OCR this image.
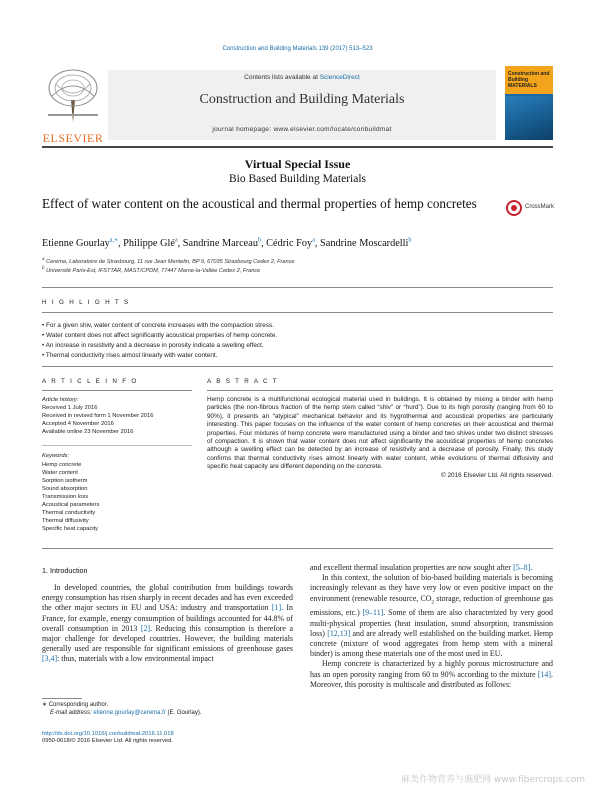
Construction and Building Materials 139 (2017) 513–523
ELSEVIER
Contents lists available at ScienceDirect
Construction and Building Materials
journal homepage: www.elsevier.com/locate/conbuildmat
Construction and Building MATERIALS
Virtual Special Issue
Bio Based Building Materials
Effect of water content on the acoustical and thermal properties of hemp concretes	CrossMark
Etienne Gourlay$^{a,∗}$, Philippe Glé$^a$, Sandrine Marceau$^b$, Cédric Foy$^a$, Sandrine Moscardelli$^b$
$^a$ Cerema, Laboratoire de Strasbourg, 11 rue Jean Mentelin, BP 9, 67035 Strasbourg Cedex 2, France
$^b$ Université Paris-Est, IFSTTAR, MAST/CPDM, 77447 Marne-la-Vallée Cedex 2, France
H I G H L I G H T S
• For a given shiv, water content of concrete increases with the compaction stress.
• Water content does not affect significantly acoustical properties of hemp concrete.
• An increase in resistivity and a decrease in porosity indicate a swelling effect.
• Thermal conductivity rises almost linearly with water content.
A R T I C L E I N F O
Article history:
Received 1 July 2016
Received in revised form 1 November 2016
Accepted 4 November 2016
Available online 23 November 2016
Keywords:
Hemp concrete
Water content
Sorption isotherm
Sound absorption
Transmission loss
Acoustical parameters
Thermal conductivity
Thermal diffusivity
Specific heat capacity
A B S T R A C T
Hemp concrete is a multifunctional ecological material used in buildings. It is obtained by mixing a binder with hemp particles (the non-fibrous fraction of the hemp stem called “shiv” or “hurd”). Due to its high porosity (ranging from 60 to 90%), it presents an “atypical” mechanical behavior and its hygrothermal and acoustical properties are particularly interesting. This paper focuses on the influence of the water content of hemp concretes on their acoustical and thermal properties. Four mixtures of hemp concrete were manufactured using a binder and two shives under two distinct stresses of compaction. It is shown that water content does not affect significantly the acoustical properties of hemp concretes although a swelling effect can be detected by an increase of resistivity and a decrease of porosity. Finally, this study confirms that thermal conductivity rises almost linearly with water content, while evolutions of thermal diffusivity and specific heat capacity are different depending on the concrete.
© 2016 Elsevier Ltd. All rights reserved.
1. Introduction

In developed countries, the global contribution from buildings towards energy consumption has risen sharply in recent decades and has even exceeded the other major sectors in EU and USA: industry and transportation [1]. In France, for example, energy consumption of buildings accounted for 44.8% of overall consumption in 2013 [2]. Reducing this consumption is therefore a major challenge for developed countries. However, the building materials generally used are responsible for significant emissions of greenhouse gases [3,4]: thus, materials with a low environmental impact

and excellent thermal insulation properties are now sought after [5–8].

In this context, the solution of bio-based building materials is becoming increasingly relevant as they have very low or even positive impact on the environment (renewable resource, $CO_2$ storage, reduction of greenhouse gas emissions, etc.) [9–11]. Some of them are also characterized by very good multi-physical properties (heat insulation, sound absorption, transmission loss) [12,13] and are already well established on the building market. Hemp concrete (mixture of wood aggregates from hemp stem with a mineral binder) is among these materials one of the most used in EU.

Hemp concrete is characterized by a highly porous microstructure and has an open porosity ranging from 60 to 90% according to the mixture [14]. Moreover, this porosity is multiscale and distributed as follows:

∗ Corresponding author.
E-mail address: etienne.gourlay@cerema.fr (E. Gourlay).
http://dx.doi.org/10.1016/j.conbuildmat.2016.11.018
0950-0618/© 2016 Elsevier Ltd. All rights reserved.
麻类作物营养与施肥网 www.fibercrops.com
